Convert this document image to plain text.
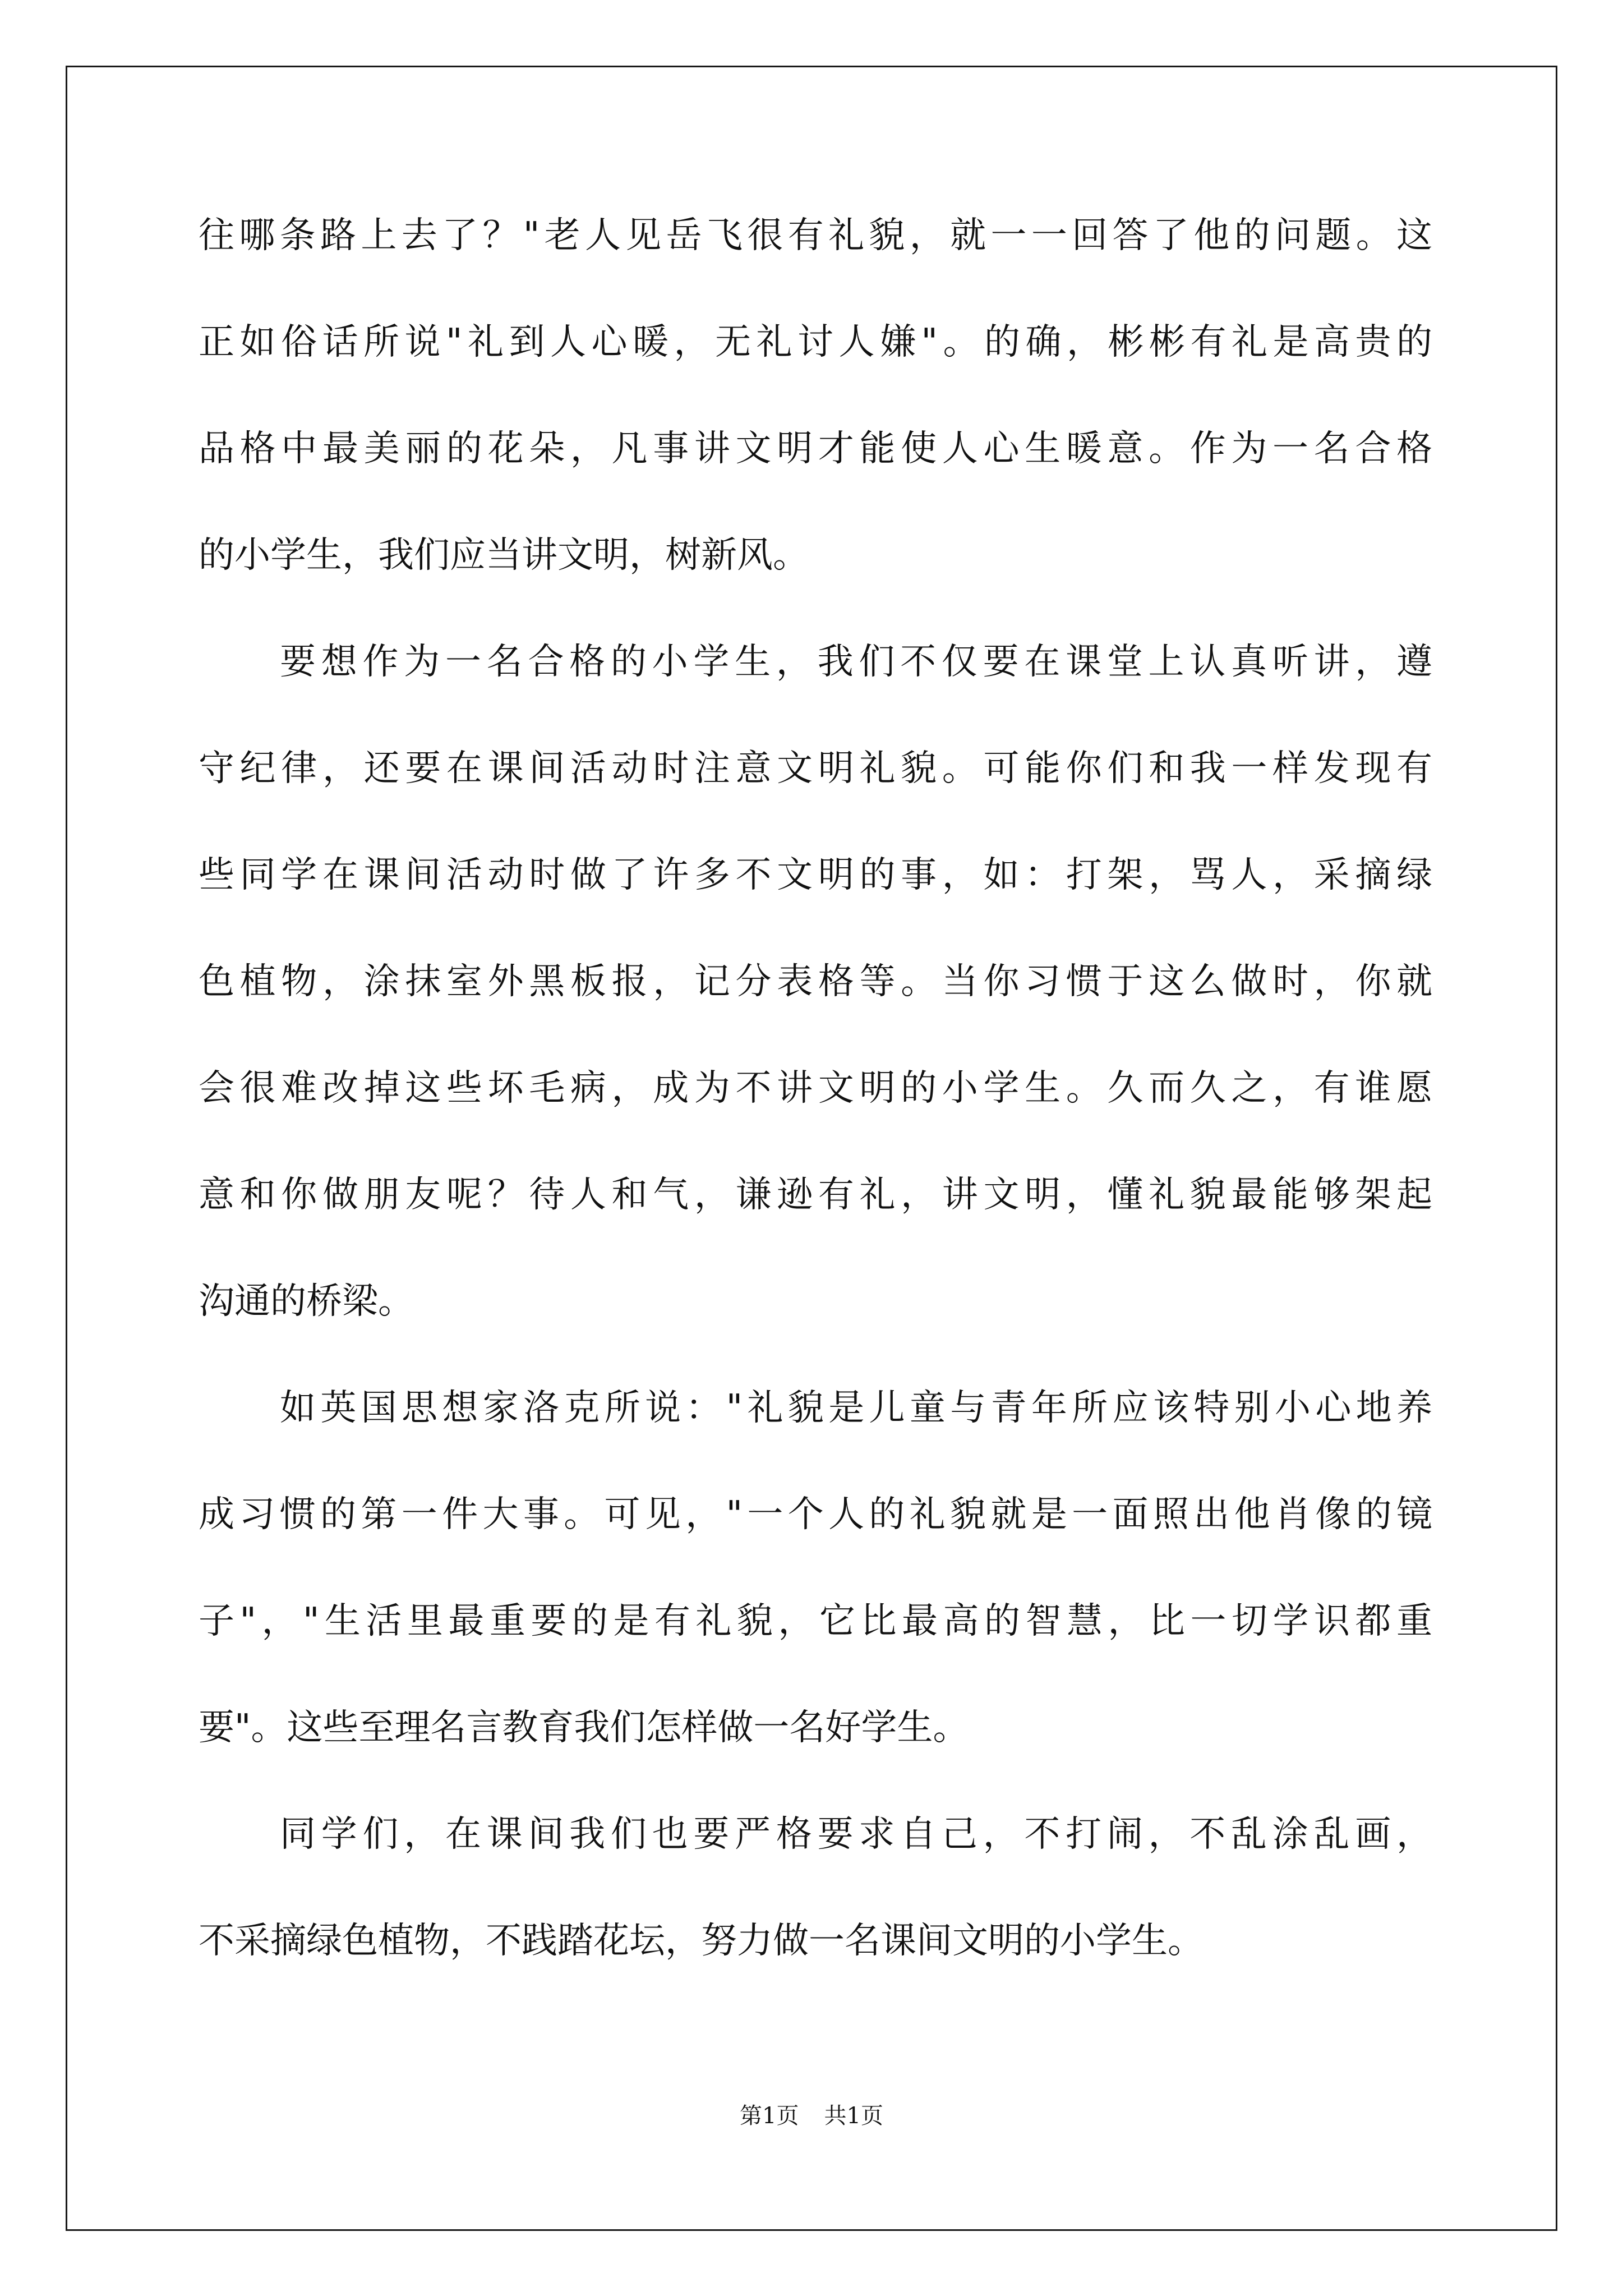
往哪条路上去了？"老人见岳飞很有礼貌，就一一回答了他的问题。这
正如俗话所说"礼到人心暖，无礼讨人嫌"。的确，彬彬有礼是高贵的
品格中最美丽的花朵，凡事讲文明才能使人心生暖意。作为一名合格
的小学生，我们应当讲文明，树新风。
要想作为一名合格的小学生，我们不仅要在课堂上认真听讲，遵
守纪律，还要在课间活动时注意文明礼貌。可能你们和我一样发现有
些同学在课间活动时做了许多不文明的事，如：打架，骂人，采摘绿
色植物，涂抹室外黑板报，记分表格等。当你习惯于这么做时，你就
会很难改掉这些坏毛病，成为不讲文明的小学生。久而久之，有谁愿
意和你做朋友呢？待人和气，谦逊有礼，讲文明，懂礼貌最能够架起
沟通的桥梁。
如英国思想家洛克所说："礼貌是儿童与青年所应该特别小心地养
成习惯的第一件大事。可见，"一个人的礼貌就是一面照出他肖像的镜
子"，"生活里最重要的是有礼貌，它比最高的智慧，比一切学识都重
要"。这些至理名言教育我们怎样做一名好学生。
同学们，在课间我们也要严格要求自己，不打闹，不乱涂乱画，
不采摘绿色植物，不践踏花坛，努力做一名课间文明的小学生。
第1页 共1页
